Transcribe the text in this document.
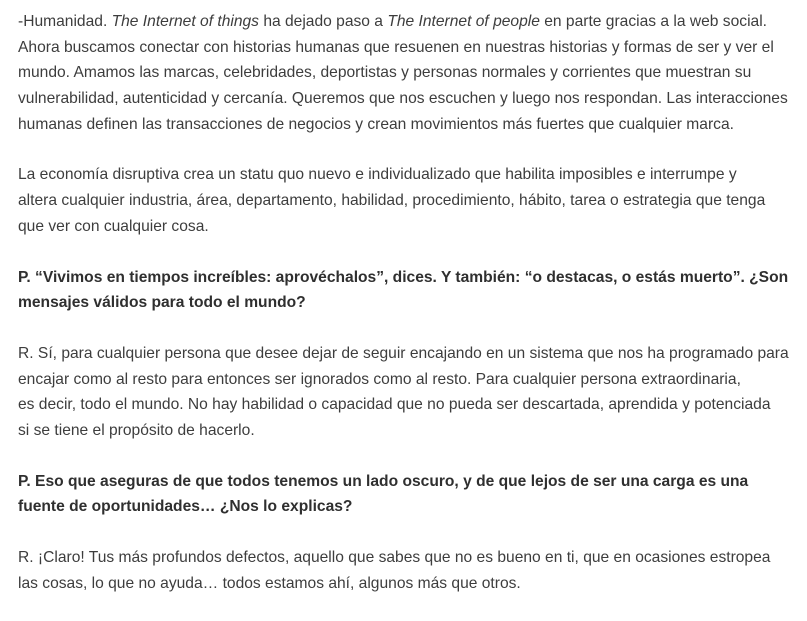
-Humanidad. The Internet of things ha dejado paso a The Internet of people en parte gracias a la web social.
Ahora buscamos conectar con historias humanas que resuenen en nuestras historias y formas de ser y ver el
mundo. Amamos las marcas, celebridades, deportistas y personas normales y corrientes que muestran su
vulnerabilidad, autenticidad y cercanía. Queremos que nos escuchen y luego nos respondan. Las interacciones
humanas definen las transacciones de negocios y crean movimientos más fuertes que cualquier marca.
La economía disruptiva crea un statu quo nuevo e individualizado que habilita imposibles e interrumpe y
altera cualquier industria, área, departamento, habilidad, procedimiento, hábito, tarea o estrategia que tenga
que ver con cualquier cosa.
P. “Vivimos en tiempos increíbles: aprovéchalos”, dices. Y también: “o destacas, o estás muerto”. ¿Son
mensajes válidos para todo el mundo?
R. Sí, para cualquier persona que desee dejar de seguir encajando en un sistema que nos ha programado para
encajar como al resto para entonces ser ignorados como al resto. Para cualquier persona extraordinaria,
es decir, todo el mundo. No hay habilidad o capacidad que no pueda ser descartada, aprendida y potenciada
si se tiene el propósito de hacerlo.
P. Eso que aseguras de que todos tenemos un lado oscuro, y de que lejos de ser una carga es una
fuente de oportunidades… ¿Nos lo explicas?
R. ¡Claro! Tus más profundos defectos, aquello que sabes que no es bueno en ti, que en ocasiones estropea
las cosas, lo que no ayuda… todos estamos ahí, algunos más que otros.
